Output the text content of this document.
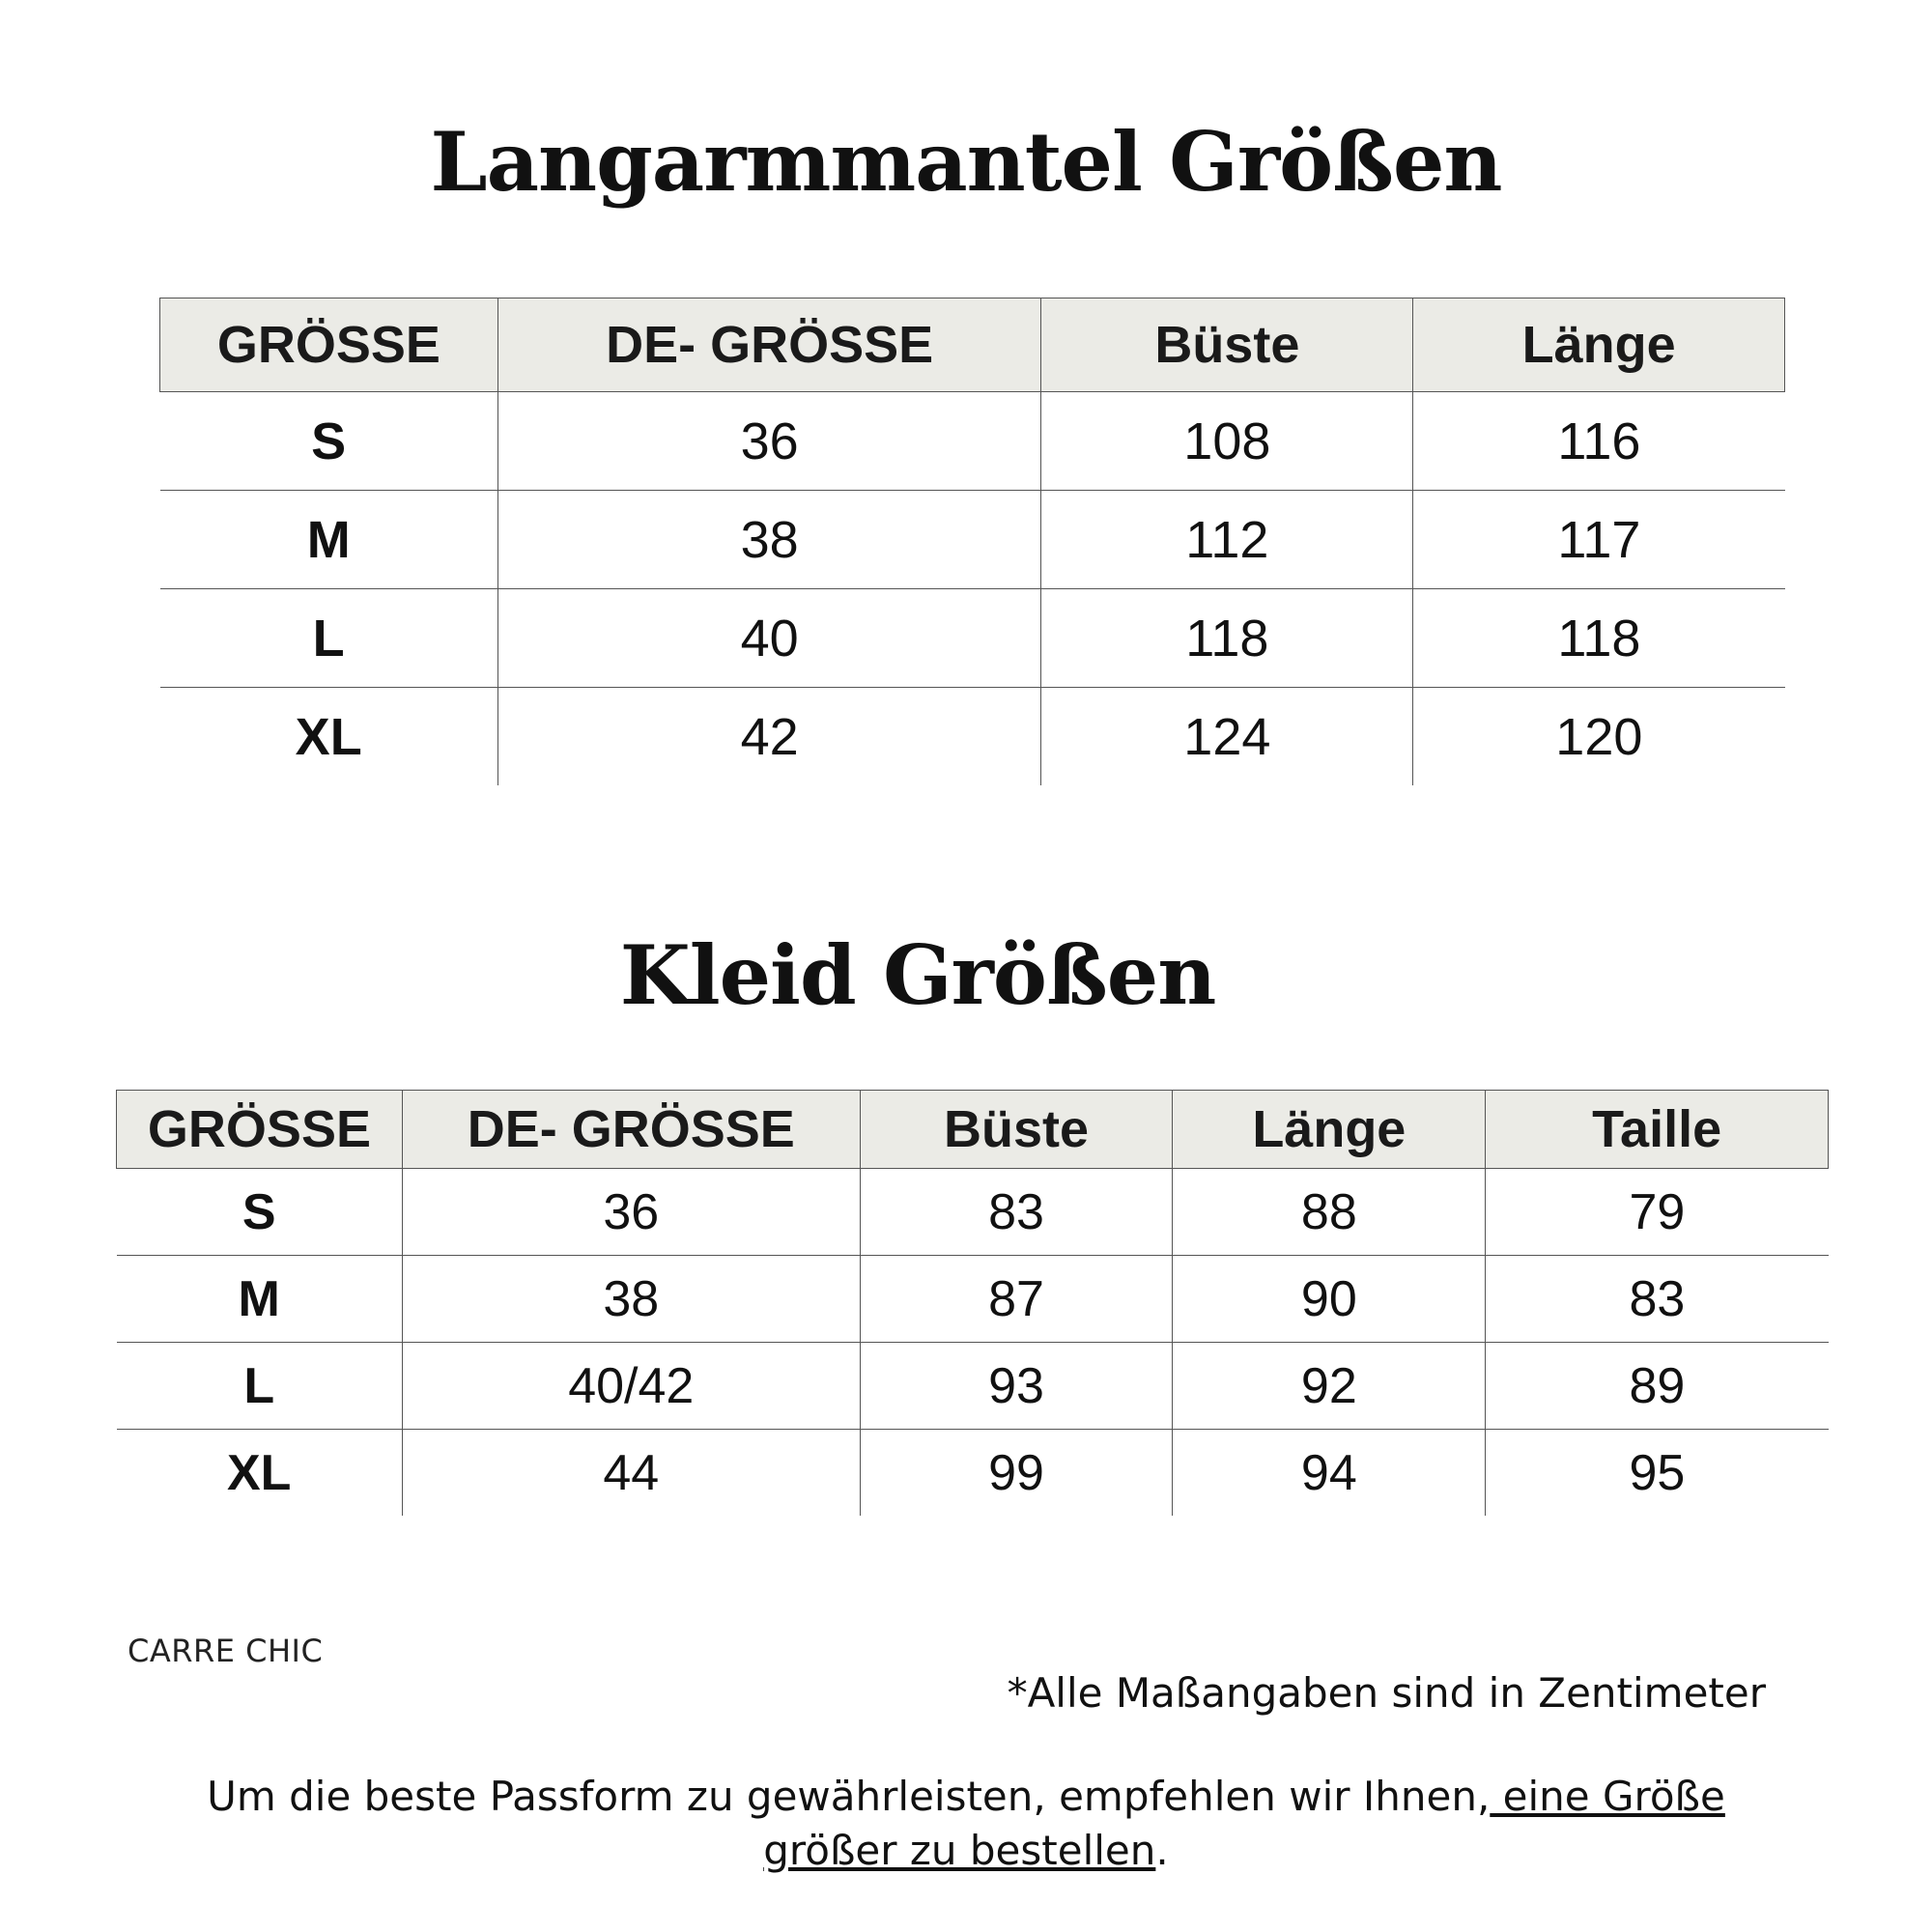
Langarmmantel Größen
GRÖSSE	DE- GRÖSSE	Büste	Länge
S	36	108	116
M	38	112	117
L	40	118	118
XL	42	124	120
Kleid Größen
GRÖSSE	DE- GRÖSSE	Büste	Länge	Taille
S	36	83	88	79
M	38	87	90	83
L	40/42	93	92	89
XL	44	99	94	95
CARRE CHIC
*Alle Maßangaben sind in Zentimeter
Um die beste Passform zu gewährleisten, empfehlen wir Ihnen, eine Größe größer zu bestellen.
